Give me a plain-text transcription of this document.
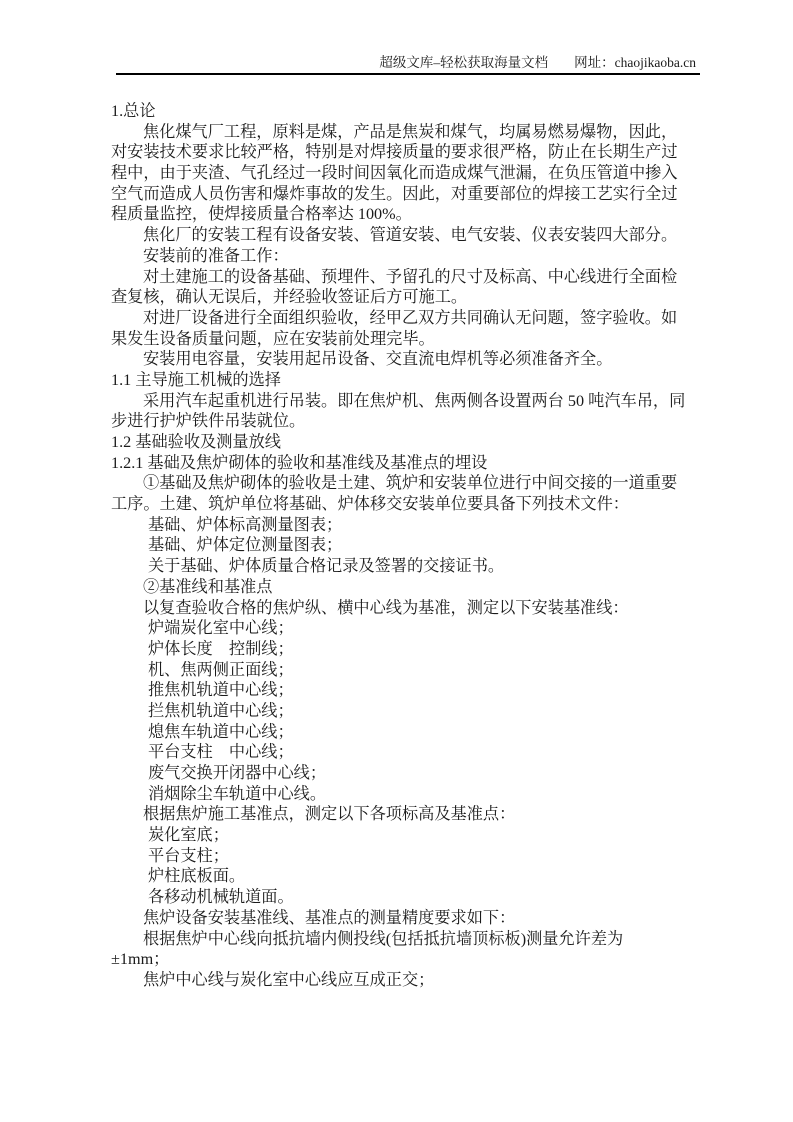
超级文库–轻松获取海量文档 网址：chaojikaoba.cn
1.总论
焦化煤气厂工程，原料是煤，产品是焦炭和煤气，均属易燃易爆物，因此，
对安装技术要求比较严格，特别是对焊接质量的要求很严格，防止在长期生产过
程中，由于夹渣、气孔经过一段时间因氧化而造成煤气泄漏，在负压管道中掺入
空气而造成人员伤害和爆炸事故的发生。因此，对重要部位的焊接工艺实行全过
程质量监控，使焊接质量合格率达 100%。
焦化厂的安装工程有设备安装、管道安装、电气安装、仪表安装四大部分。
安装前的准备工作：
对土建施工的设备基础、预埋件、予留孔的尺寸及标高、中心线进行全面检
查复核，确认无误后，并经验收签证后方可施工。
对进厂设备进行全面组织验收，经甲乙双方共同确认无问题，签字验收。如
果发生设备质量问题，应在安装前处理完毕。
安装用电容量，安装用起吊设备、交直流电焊机等必须准备齐全。
1.1 主导施工机械的选择
采用汽车起重机进行吊装。即在焦炉机、焦两侧各设置两台 50 吨汽车吊，同
步进行护炉铁件吊装就位。
1.2 基础验收及测量放线
1.2.1 基础及焦炉砌体的验收和基准线及基准点的埋设
①基础及焦炉砌体的验收是土建、筑炉和安装单位进行中间交接的一道重要
工序。土建、筑炉单位将基础、炉体移交安装单位要具备下列技术文件：
基础、炉体标高测量图表；
基础、炉体定位测量图表；
关于基础、炉体质量合格记录及签署的交接证书。
②基准线和基准点
以复查验收合格的焦炉纵、横中心线为基准，测定以下安装基准线：
炉端炭化室中心线；
炉体长度　控制线；
机、焦两侧正面线；
推焦机轨道中心线；
拦焦机轨道中心线；
熄焦车轨道中心线；
平台支柱　中心线；
废气交换开闭器中心线；
消烟除尘车轨道中心线。
根据焦炉施工基准点，测定以下各项标高及基准点：
炭化室底；
平台支柱；
炉柱底板面。
各移动机械轨道面。
焦炉设备安装基准线、基准点的测量精度要求如下：
根据焦炉中心线向抵抗墙内侧投线(包括抵抗墙顶标板)测量允许差为
±1mm；
焦炉中心线与炭化室中心线应互成正交；
